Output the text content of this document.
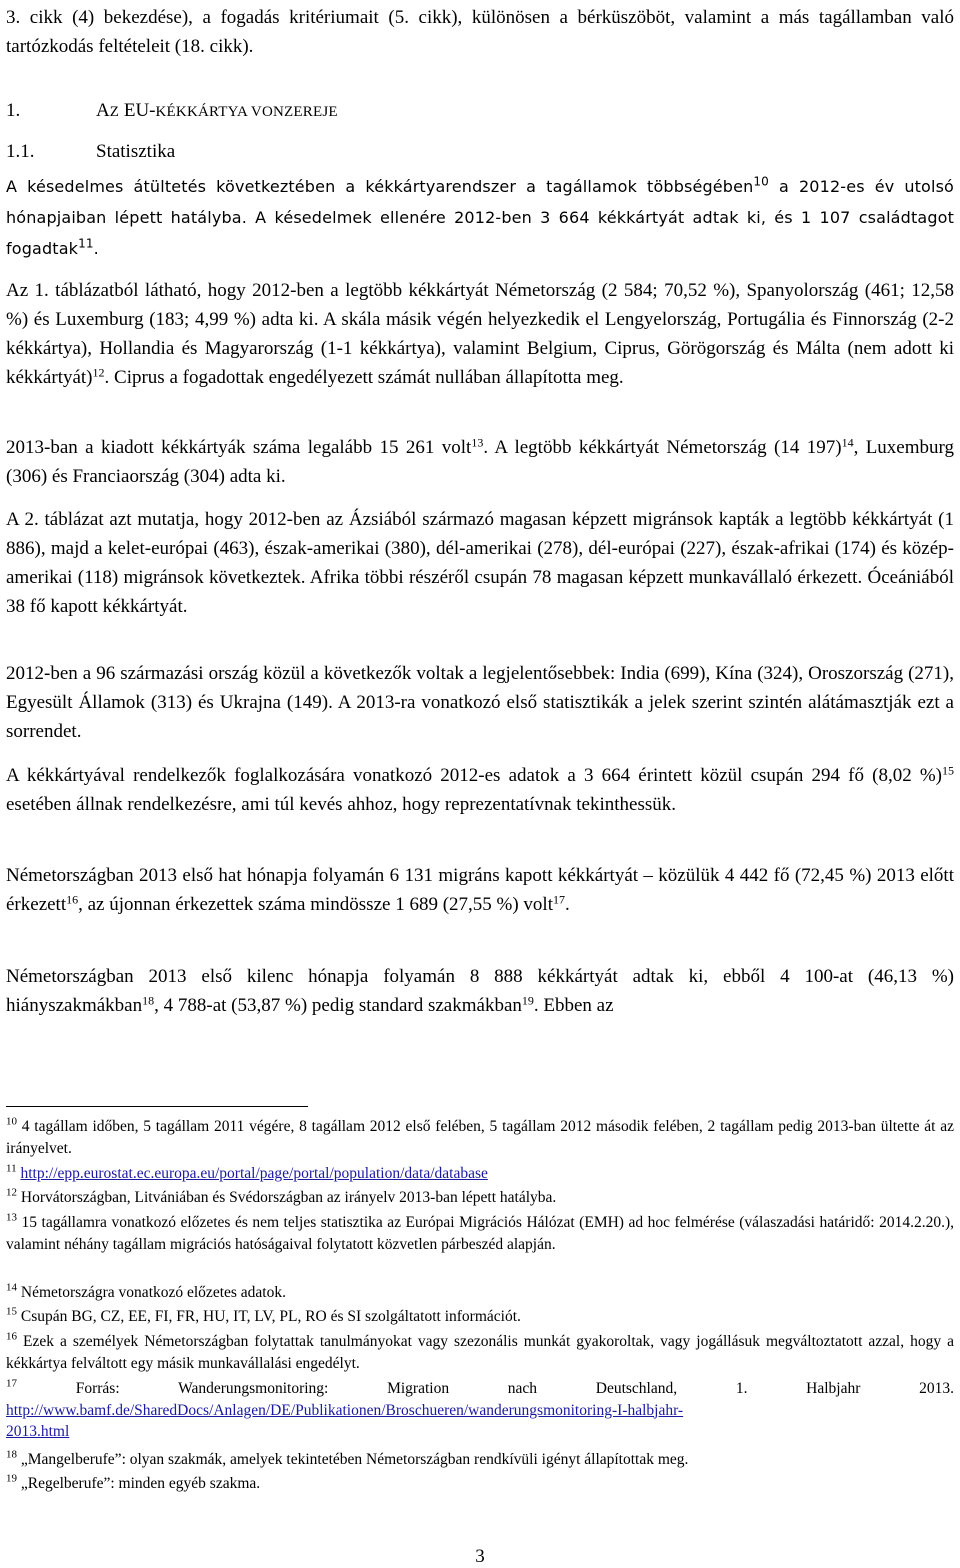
3. cikk (4) bekezdése), a fogadás kritériumait (5. cikk), különösen a bérküszöböt, valamint a más tagállamban való tartózkodás feltételeit (18. cikk).

1.	AZ EU-KÉKKÁRTYA VONZEREJE
1.1.	Statisztika

A késedelmes átültetés következtében a kékkártyarendszer a tagállamok többségében$^{10}$ a 2012-es év utolsó hónapjaiban lépett hatályba. A késedelmek ellenére 2012-ben 3 664 kékkártyát adtak ki, és 1 107 családtagot fogadtak$^{11}$.

Az 1. táblázatból látható, hogy 2012-ben a legtöbb kékkártyát Németország (2 584; 70,52 %), Spanyolország (461; 12,58 %) és Luxemburg (183; 4,99 %) adta ki. A skála másik végén helyezkedik el Lengyelország, Portugália és Finnország (2-2 kékkártya), Hollandia és Magyarország (1-1 kékkártya), valamint Belgium, Ciprus, Görögország és Málta (nem adott ki kékkártyát)$^{12}$. Ciprus a fogadottak engedélyezett számát nullában állapította meg.

2013-ban a kiadott kékkártyák száma legalább 15 261 volt$^{13}$. A legtöbb kékkártyát Németország (14 197)$^{14}$, Luxemburg (306) és Franciaország (304) adta ki.

A 2. táblázat azt mutatja, hogy 2012-ben az Ázsiából származó magasan képzett migránsok kapták a legtöbb kékkártyát (1 886), majd a kelet-európai (463), észak-amerikai (380), dél-amerikai (278), dél-európai (227), észak-afrikai (174) és közép-amerikai (118) migránsok következtek. Afrika többi részéről csupán 78 magasan képzett munkavállaló érkezett. Óceániából 38 fő kapott kékkártyát.

2012-ben a 96 származási ország közül a következők voltak a legjelentősebbek: India (699), Kína (324), Oroszország (271), Egyesült Államok (313) és Ukrajna (149). A 2013-ra vonatkozó első statisztikák a jelek szerint szintén alátámasztják ezt a sorrendet.

A kékkártyával rendelkezők foglalkozására vonatkozó 2012-es adatok a 3 664 érintett közül csupán 294 fő (8,02 %)$^{15}$ esetében állnak rendelkezésre, ami túl kevés ahhoz, hogy reprezentatívnak tekinthessük.

Németországban 2013 első hat hónapja folyamán 6 131 migráns kapott kékkártyát – közülük 4 442 fő (72,45 %) 2013 előtt érkezett$^{16}$, az újonnan érkezettek száma mindössze 1 689 (27,55 %) volt$^{17}$.

Németországban 2013 első kilenc hónapja folyamán 8 888 kékkártyát adtak ki, ebből 4 100-at (46,13 %) hiányszakmákban$^{18}$, 4 788-at (53,87 %) pedig standard szakmákban$^{19}$. Ebben az

$^{10}$ 4 tagállam időben, 5 tagállam 2011 végére, 8 tagállam 2012 első felében, 5 tagállam 2012 második felében, 2 tagállam pedig 2013-ban ültette át az irányelvet.

$^{11}$ http://epp.eurostat.ec.europa.eu/portal/page/portal/population/data/database

$^{12}$ Horvátországban, Litvániában és Svédországban az irányelv 2013-ban lépett hatályba.

$^{13}$ 15 tagállamra vonatkozó előzetes és nem teljes statisztika az Európai Migrációs Hálózat (EMH) ad hoc felmérése (válaszadási határidő: 2014.2.20.), valamint néhány tagállam migrációs hatóságaival folytatott közvetlen párbeszéd alapján.

$^{14}$ Németországra vonatkozó előzetes adatok.

$^{15}$ Csupán BG, CZ, EE, FI, FR, HU, IT, LV, PL, RO és SI szolgáltatott információt.

$^{16}$ Ezek a személyek Németországban folytattak tanulmányokat vagy szezonális munkát gyakoroltak, vagy jogállásuk megváltoztatott azzal, hogy a kékkártya felváltott egy másik munkavállalási engedélyt.

$^{17}$ Forrás: Wanderungsmonitoring: Migration nach Deutschland, 1. Halbjahr 2013.
http://www.bamf.de/SharedDocs/Anlagen/DE/Publikationen/Broschueren/wanderungsmonitoring-I-halbjahr-
2013.html

$^{18}$ „Mangelberufe”: olyan szakmák, amelyek tekintetében Németországban rendkívüli igényt állapítottak meg.

$^{19}$ „Regelberufe”: minden egyéb szakma.

3
